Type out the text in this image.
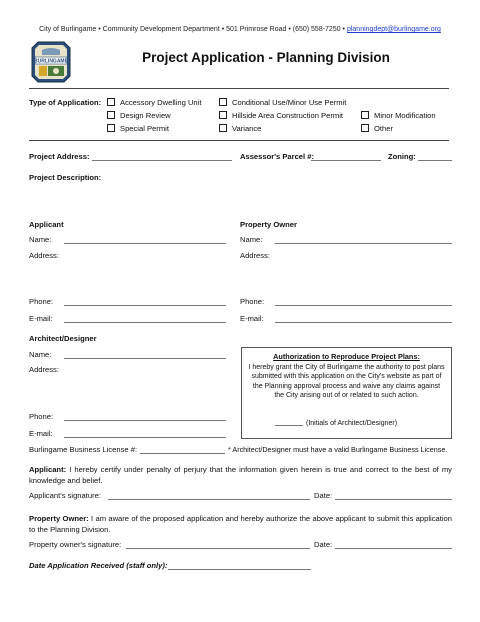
City of Burlingame • Community Development Department • 501 Primrose Road • (650) 558-7250 • planningdept@burlingame.org
BURLINGAME	Project Application - Planning Division
Type of Application: Accessory Dwelling Unit	Conditional Use/Minor Use Permit
Design Review	Hillside Area Construction Permit	Minor Modification
Special Permit	Variance	Other
Project Address:	Assessor's Parcel #:	Zoning:
Project Description:
Applicant
Name:
Address:
Phone:
E-mail:
Property Owner
Name:
Address:
Phone:
E-mail:
Architect/Designer
Name:
Address:
Phone:
E-mail:
Authorization to Reproduce Project Plans:
I hereby grant the City of Burlingame the authority to post plans submitted with this application on the City's website as part of the Planning approval process and waive any claims against the City arising out of or related to such action.
(Initials of Architect/Designer)
Burlingame Business License #:	* Architect/Designer must have a valid Burlingame Business License.
Applicant: I hereby certify under penalty of perjury that the information given herein is true and correct to the best of my knowledge and belief.
Applicant's signature:	Date:
Property Owner: I am aware of the proposed application and hereby authorize the above applicant to submit this application to the Planning Division.
Property owner's signature:	Date:
Date Application Received (staff only):
